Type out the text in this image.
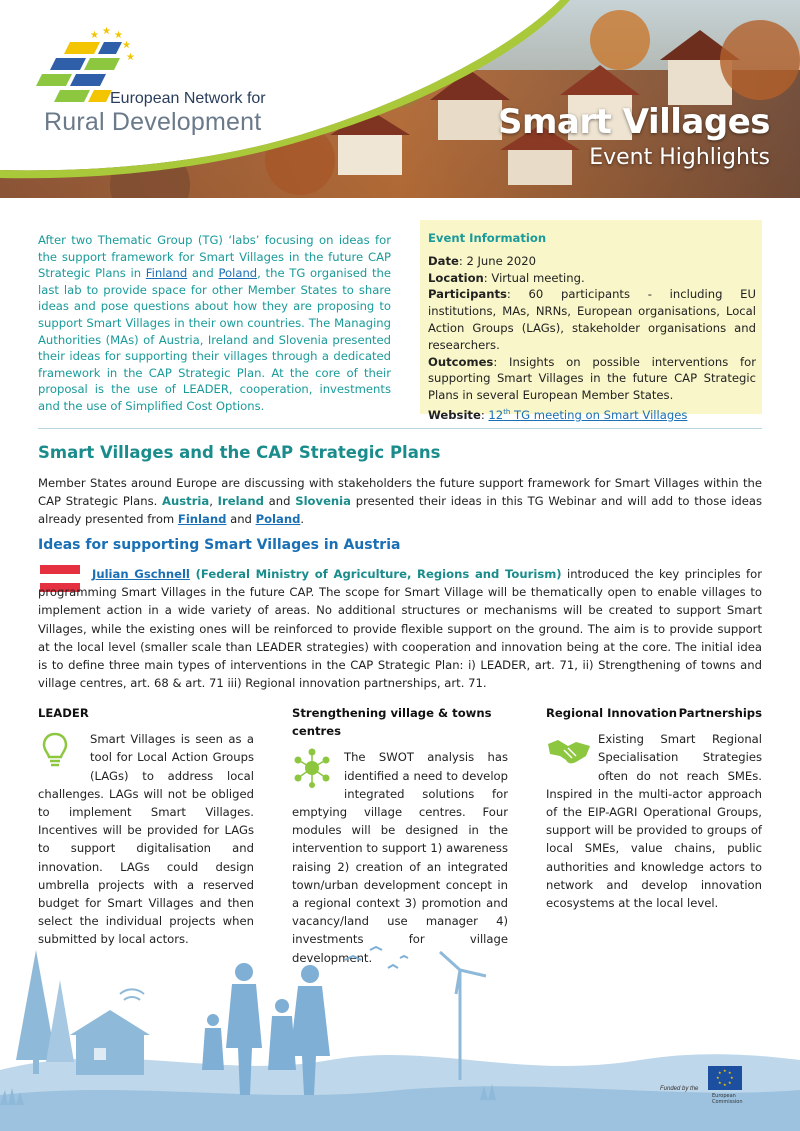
★ ★ ★
★
★
European Network for
Rural Development	Smart Villages
Event Highlights
After two Thematic Group (TG) ‘labs’ focusing on ideas for the support framework for Smart Villages in the future CAP Strategic Plans in Finland and Poland, the TG organised the last lab to provide space for other Member States to share ideas and pose questions about how they are proposing to support Smart Villages in their own countries. The Managing Authorities (MAs) of Austria, Ireland and Slovenia presented their ideas for supporting their villages through a dedicated framework in the CAP Strategic Plan. At the core of their proposal is the use of LEADER, cooperation, investments and the use of Simplified Cost Options.
Event Information
Date: 2 June 2020
Location: Virtual meeting.
Participants: 60 participants - including EU institutions, MAs, NRNs, European organisations, Local Action Groups (LAGs), stakeholder organisations and researchers.
Outcomes: Insights on possible interventions for supporting Smart Villages in the future CAP Strategic Plans in several European Member States.
Website: 12th TG meeting on Smart Villages
Smart Villages and the CAP Strategic Plans
Member States around Europe are discussing with stakeholders the future support framework for Smart Villages within the CAP Strategic Plans. Austria, Ireland and Slovenia presented their ideas in this TG Webinar and will add to those ideas already presented from Finland and Poland.
Ideas for supporting Smart Villages in Austria
Julian Gschnell (Federal Ministry of Agriculture, Regions and Tourism) introduced the key principles for programming Smart Villages in the future CAP. The scope for Smart Village will be thematically open to enable villages to implement action in a wide variety of areas. No additional structures or mechanisms will be created to support Smart Villages, while the existing ones will be reinforced to provide flexible support on the ground. The aim is to provide support at the local level (smaller scale than LEADER strategies) with cooperation and innovation being at the core. The initial idea is to define three main types of interventions in the CAP Strategic Plan: i) LEADER, art. 71, ii) Strengthening of towns and village centres, art. 68 & art. 71 iii) Regional innovation partnerships, art. 71.
LEADER

Smart Villages is seen as a tool for Local Action Groups (LAGs) to address local challenges. LAGs will not be obliged to implement Smart Villages. Incentives will be provided for LAGs to support digitalisation and innovation. LAGs could design umbrella projects with a reserved budget for Smart Villages and then select the individual projects when submitted by local actors.

Strengthening village & towns centres

The SWOT analysis has identified a need to develop integrated solutions for emptying village centres. Four modules will be designed in the intervention to support 1) awareness raising 2) creation of an integrated town/urban development concept in a regional context 3) promotion and vacancy/land use manager 4) investments for village development.

Regional Innovation Partnerships

Existing Smart Regional Specialisation Strategies often do not reach SMEs. Inspired in the multi-actor approach of the EIP-AGRI Operational Groups, support will be provided to groups of local SMEs, value chains, public authorities and knowledge actors to network and develop innovation ecosystems at the local level.

Funded by the
★ ★
★
★
★
★
★
★
European Commission
